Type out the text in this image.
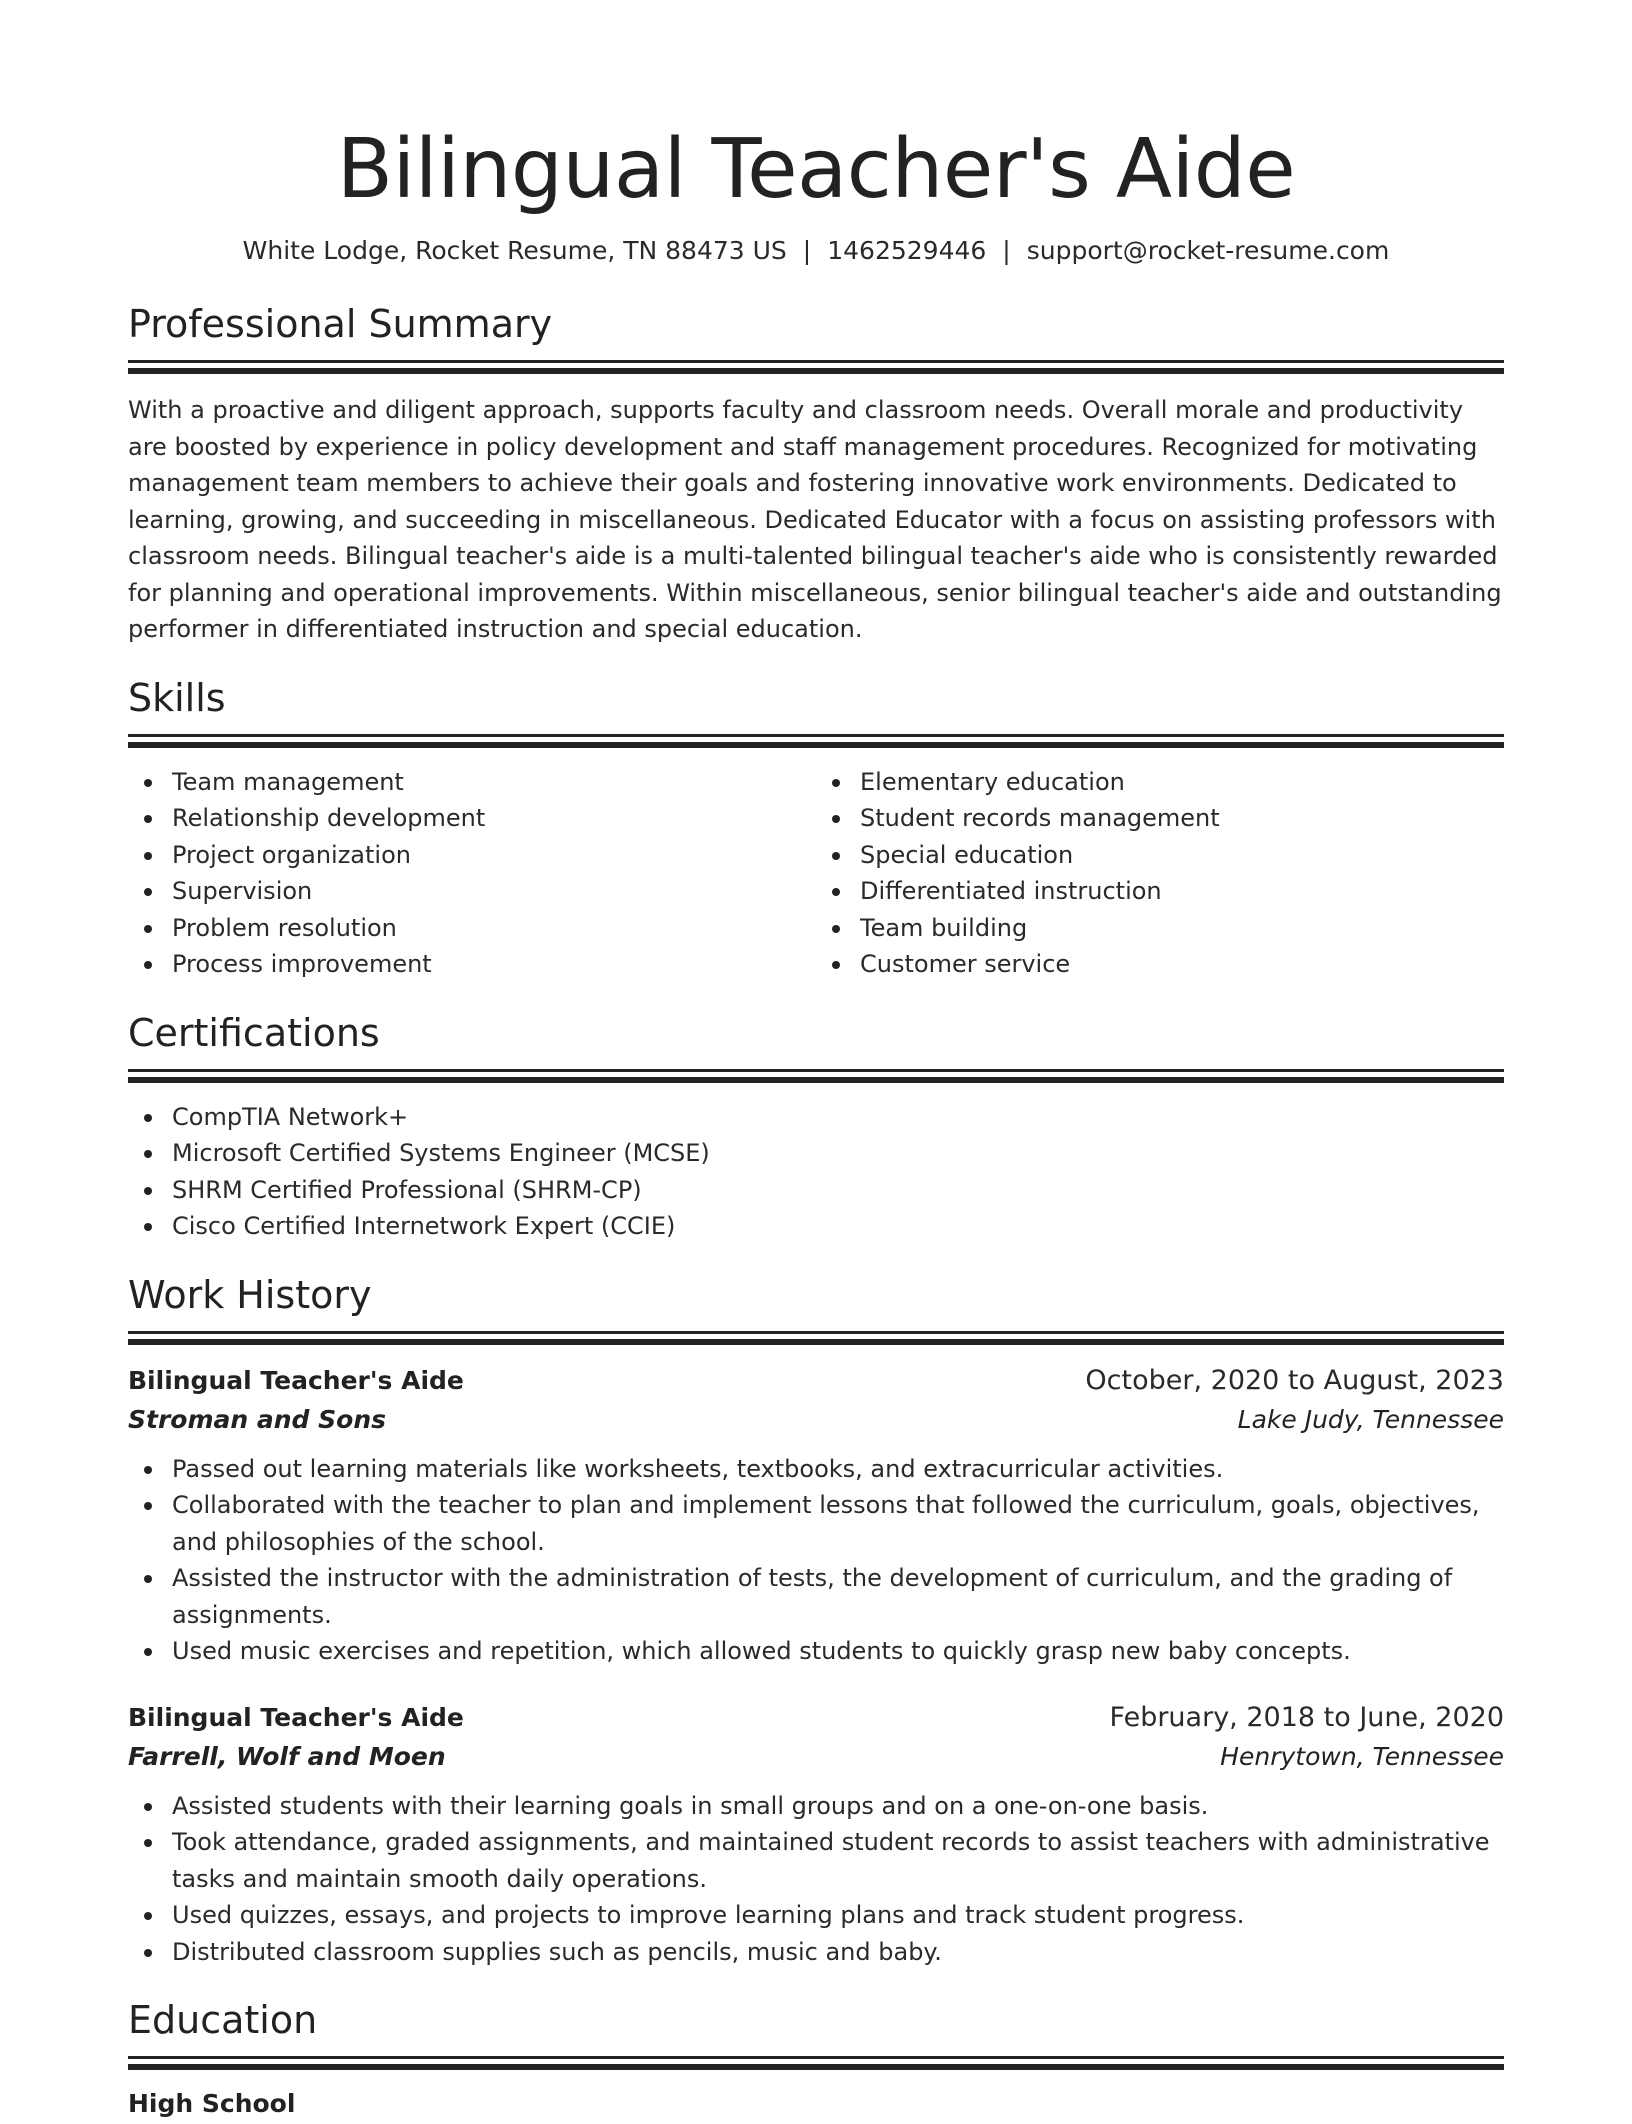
Bilingual Teacher's Aide
White Lodge, Rocket Resume, TN 88473 US | 1462529446 | support@rocket-resume.com
Professional Summary

With a proactive and diligent approach, supports faculty and classroom needs. Overall morale and productivity are boosted by experience in policy development and staff management procedures. Recognized for motivating management team members to achieve their goals and fostering innovative work environments. Dedicated to learning, growing, and succeeding in miscellaneous. Dedicated Educator with a focus on assisting professors with classroom needs. Bilingual teacher's aide is a multi-talented bilingual teacher's aide who is consistently rewarded for planning and operational improvements. Within miscellaneous, senior bilingual teacher's aide and outstanding performer in differentiated instruction and special education.

Skills
Team management
Relationship development
Project organization
Supervision
Problem resolution
Process improvement
Elementary education
Student records management
Special education
Differentiated instruction
Team building
Customer service
Certifications
CompTIA Network+
Microsoft Certified Systems Engineer (MCSE)
SHRM Certified Professional (SHRM-CP)
Cisco Certified Internetwork Expert (CCIE)
Work History
Bilingual Teacher's Aide	October, 2020 to August, 2023
Stroman and Sons	Lake Judy, Tennessee
Passed out learning materials like worksheets, textbooks, and extracurricular activities.
Collaborated with the teacher to plan and implement lessons that followed the curriculum, goals, objectives, and philosophies of the school.
Assisted the instructor with the administration of tests, the development of curriculum, and the grading of assignments.
Used music exercises and repetition, which allowed students to quickly grasp new baby concepts.
Bilingual Teacher's Aide	February, 2018 to June, 2020
Farrell, Wolf and Moen	Henrytown, Tennessee
Assisted students with their learning goals in small groups and on a one-on-one basis.
Took attendance, graded assignments, and maintained student records to assist teachers with administrative tasks and maintain smooth daily operations.
Used quizzes, essays, and projects to improve learning plans and track student progress.
Distributed classroom supplies such as pencils, music and baby.
Education
High School
